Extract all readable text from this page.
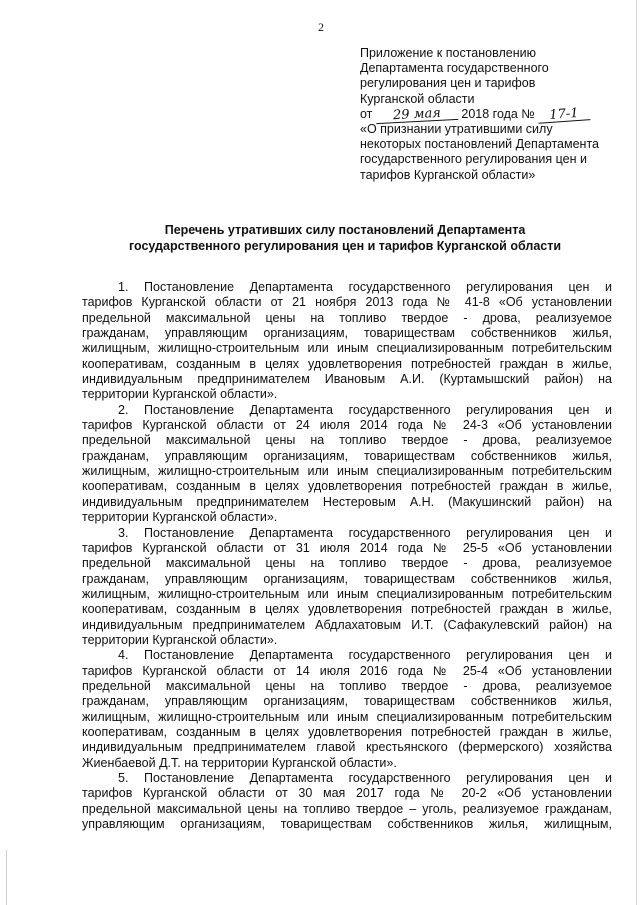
2
Приложение к постановлению
Департамента государственного
регулирования цен и тарифов
Курганской области
от 29 мая 2018 года № 17-1
«О признании утратившими силу
некоторых постановлений Департамента
государственного регулирования цен и
тарифов Курганской области»
Перечень утративших силу постановлений Департамента
государственного регулирования цен и тарифов Курганской области
1. Постановление Департамента государственного регулирования цен и
тарифов Курганской области от 21 ноября 2013 года № 41-8 «Об установлении
предельной максимальной цены на топливо твердое - дрова, реализуемое
гражданам, управляющим организациям, товариществам собственников жилья,
жилищным, жилищно-строительным или иным специализированным потребительским
кооперативам, созданным в целях удовлетворения потребностей граждан в жилье,
индивидуальным предпринимателем Ивановым А.И. (Куртамышский район) на
территории Курганской области».
2. Постановление Департамента государственного регулирования цен и
тарифов Курганской области от 24 июля 2014 года № 24-3 «Об установлении
предельной максимальной цены на топливо твердое - дрова, реализуемое
гражданам, управляющим организациям, товариществам собственников жилья,
жилищным, жилищно-строительным или иным специализированным потребительским
кооперативам, созданным в целях удовлетворения потребностей граждан в жилье,
индивидуальным предпринимателем Нестеровым А.Н. (Макушинский район) на
территории Курганской области».
3. Постановление Департамента государственного регулирования цен и
тарифов Курганской области от 31 июля 2014 года № 25-5 «Об установлении
предельной максимальной цены на топливо твердое - дрова, реализуемое
гражданам, управляющим организациям, товариществам собственников жилья,
жилищным, жилищно-строительным или иным специализированным потребительским
кооперативам, созданным в целях удовлетворения потребностей граждан в жилье,
индивидуальным предпринимателем Абдлахатовым И.Т. (Сафакулевский район) на
территории Курганской области».
4. Постановление Департамента государственного регулирования цен и
тарифов Курганской области от 14 июля 2016 года № 25-4 «Об установлении
предельной максимальной цены на топливо твердое - дрова, реализуемое
гражданам, управляющим организациям, товариществам собственников жилья,
жилищным, жилищно-строительным или иным специализированным потребительским
кооперативам, созданным в целях удовлетворения потребностей граждан в жилье,
индивидуальным предпринимателем главой крестьянского (фермерского) хозяйства
Жиенбаевой Д.Т. на территории Курганской области».
5. Постановление Департамента государственного регулирования цен и
тарифов Курганской области от 30 мая 2017 года № 20-2 «Об установлении
предельной максимальной цены на топливо твердое – уголь, реализуемое гражданам,
управляющим организациям, товариществам собственников жилья, жилищным,
